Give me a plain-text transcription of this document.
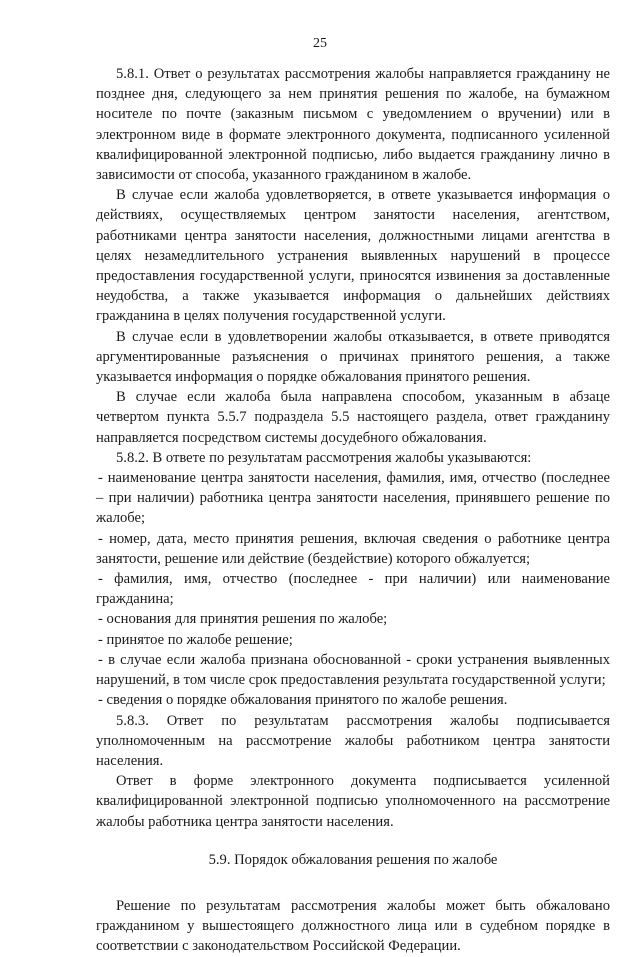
25

5.8.1. Ответ о результатах рассмотрения жалобы направляется гражданину не позднее дня, следующего за нем принятия решения по жалобе, на бумажном носителе по почте (заказным письмом с уведомлением о вручении) или в электронном виде в формате электронного документа, подписанного усиленной квалифицированной электронной подписью, либо выдается гражданину лично в зависимости от способа, указанного гражданином в жалобе.

В случае если жалоба удовлетворяется, в ответе указывается информация о действиях, осуществляемых центром занятости населения, агентством, работниками центра занятости населения, должностными лицами агентства в целях незамедлительного устранения выявленных нарушений в процессе предоставления государственной услуги, приносятся извинения за доставленные неудобства, а также указывается информация о дальнейших действиях гражданина в целях получения государственной услуги.

В случае если в удовлетворении жалобы отказывается, в ответе приводятся аргументированные разъяснения о причинах принятого решения, а также указывается информация о порядке обжалования принятого решения.

В случае если жалоба была направлена способом, указанным в абзаце четвертом пункта 5.5.7 подраздела 5.5 настоящего раздела, ответ гражданину направляется посредством системы досудебного обжалования.

5.8.2. В ответе по результатам рассмотрения жалобы указываются:

- наименование центра занятости населения, фамилия, имя, отчество (последнее – при наличии) работника центра занятости населения, принявшего решение по жалобе;

- номер, дата, место принятия решения, включая сведения о работнике центра занятости, решение или действие (бездействие) которого обжалуется;

- фамилия, имя, отчество (последнее - при наличии) или наименование гражданина;

- основания для принятия решения по жалобе;

- принятое по жалобе решение;

- в случае если жалоба признана обоснованной - сроки устранения выявленных нарушений, в том числе срок предоставления результата государственной услуги;

- сведения о порядке обжалования принятого по жалобе решения.

5.8.3. Ответ по результатам рассмотрения жалобы подписывается уполномоченным на рассмотрение жалобы работником центра занятости населения.

Ответ в форме электронного документа подписывается усиленной квалифицированной электронной подписью уполномоченного на рассмотрение жалобы работника центра занятости населения.

5.9. Порядок обжалования решения по жалобе

Решение по результатам рассмотрения жалобы может быть обжаловано гражданином у вышестоящего должностного лица или в судебном порядке в соответствии с законодательством Российской Федерации.
